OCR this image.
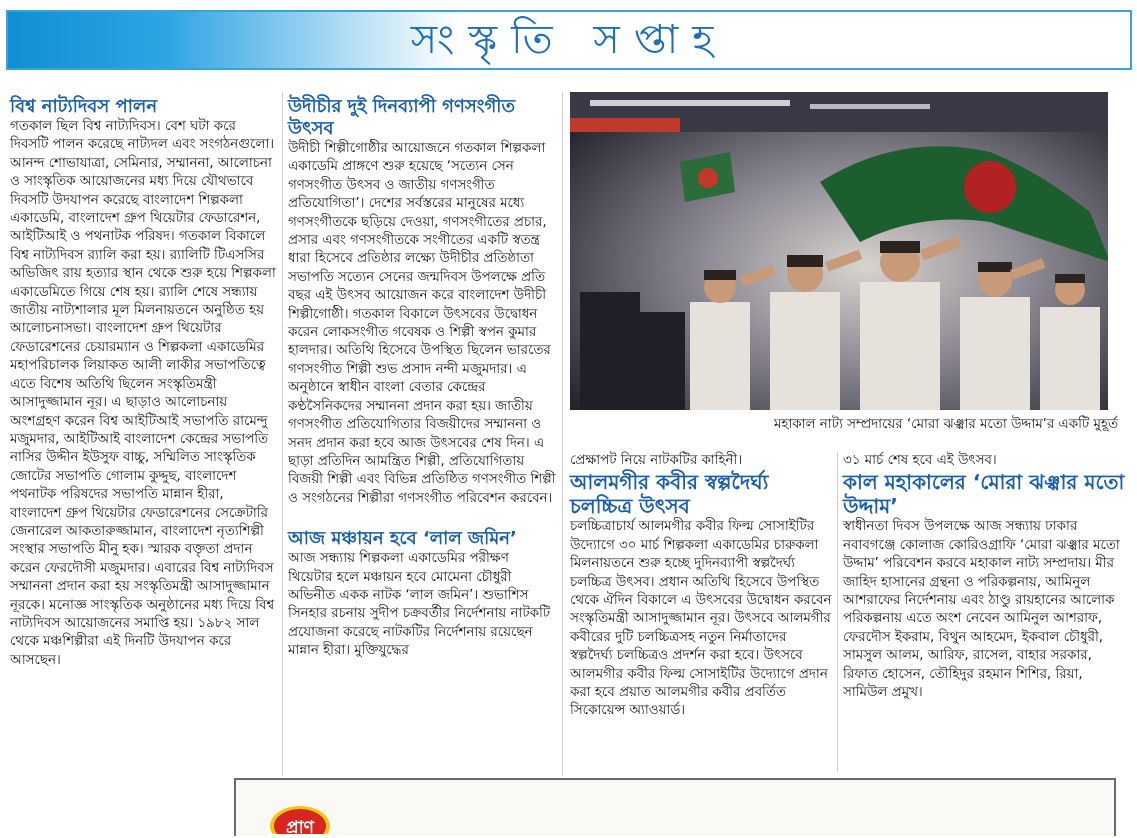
সংস্কৃতি সপ্তাহ
বিশ্ব নাট্যদিবস পালন

গতকাল ছিল বিশ্ব নাট্যদিবস। বেশ ঘটা করে দিবসটি পালন করেছে নাট্যদল এবং সংগঠনগুলো। আনন্দ শোভাযাত্রা, সেমিনার, সম্মাননা, আলোচনা ও সাংস্কৃতিক আয়োজনের মধ্য দিয়ে যৌথভাবে দিবসটি উদযাপন করেছে বাংলাদেশ শিল্পকলা একাডেমি, বাংলাদেশ গ্রুপ থিয়েটার ফেডারেশন, আইটিআই ও পথনাটক পরিষদ। গতকাল বিকালে বিশ্ব নাট্যদিবস র‍্যালি করা হয়। র‍্যালিটি টিএসসির অভিজিৎ রায় হত্যার স্থান থেকে শুরু হয়ে শিল্পকলা একাডেমিতে গিয়ে শেষ হয়। র‍্যালি শেষে সন্ধ্যায় জাতীয় নাট্যশালার মূল মিলনায়তনে অনুষ্ঠিত হয় আলোচনাসভা। বাংলাদেশ গ্রুপ থিয়েটার ফেডারেশনের চেয়ারম্যান ও শিল্পকলা একাডেমির মহাপরিচালক লিয়াকত আলী লাকীর সভাপতিত্বে এতে বিশেষ অতিথি ছিলেন সংস্কৃতিমন্ত্রী আসাদুজ্জামান নূর। এ ছাড়াও আলোচনায় অংশগ্রহণ করেন বিশ্ব আইটিআই সভাপতি রামেন্দু মজুমদার, আইটিআই বাংলাদেশ কেন্দ্রের সভাপতি নাসির উদ্দীন ইউসুফ বাচ্চু, সম্মিলিত সাংস্কৃতিক জোটের সভাপতি গোলাম কুদ্দুছ, বাংলাদেশ পথনাটক পরিষদের সভাপতি মান্নান হীরা, বাংলাদেশ গ্রুপ থিয়েটার ফেডারেশনের সেক্রেটারি জেনারেল আকতারুজ্জামান, বাংলাদেশ নৃত্যশিল্পী সংস্থার সভাপতি মীনু হক। স্মারক বক্তৃতা প্রদান করেন ফেরদৌসী মজুমদার। এবারের বিশ্ব নাট্যদিবস সম্মাননা প্রদান করা হয় সংস্কৃতিমন্ত্রী আসাদুজ্জামান নূরকে। মনোজ্ঞ সাংস্কৃতিক অনুষ্ঠানের মধ্য দিয়ে বিশ্ব নাট্যদিবস আয়োজনের সমাপ্তি হয়। ১৯৮২ সাল থেকে মঞ্চশিল্পীরা এই দিনটি উদযাপন করে আসছেন।

উদীচীর দুই দিনব্যাপী গণসংগীত উৎসব

উদীচী শিল্পীগোষ্ঠীর আয়োজনে গতকাল শিল্পকলা একাডেমি প্রাঙ্গণে শুরু হয়েছে ‘সত্যেন সেন গণসংগীত উৎসব ও জাতীয় গণসংগীত প্রতিযোগিতা’। দেশের সর্বস্তরের মানুষের মধ্যে গণসংগীতকে ছড়িয়ে দেওয়া, গণসংগীতের প্রচার, প্রসার এবং গণসংগীতকে সংগীতের একটি স্বতন্ত্র ধারা হিসেবে প্রতিষ্ঠার লক্ষ্যে উদীচীর প্রতিষ্ঠাতা সভাপতি সত্যেন সেনের জন্মদিবস উপলক্ষে প্রতি বছর এই উৎসব আয়োজন করে বাংলাদেশ উদীচী শিল্পীগোষ্ঠী। গতকাল বিকালে উৎসবের উদ্বোধন করেন লোকসংগীত গবেষক ও শিল্পী স্বপন কুমার হালদার। অতিথি হিসেবে উপস্থিত ছিলেন ভারতের গণসংগীত শিল্পী শুভ প্রসাদ নন্দী মজুমদার। এ অনুষ্ঠানে স্বাধীন বাংলা বেতার কেন্দ্রের কণ্ঠসৈনিকদের সম্মাননা প্রদান করা হয়। জাতীয় গণসংগীত প্রতিযোগিতার বিজয়ীদের সম্মাননা ও সনদ প্রদান করা হবে আজ উৎসবের শেষ দিন। এ ছাড়া প্রতিদিন আমন্ত্রিত শিল্পী, প্রতিযোগিতায় বিজয়ী শিল্পী এবং বিভিন্ন প্রতিষ্ঠিত গণসংগীত শিল্পী ও সংগঠনের শিল্পীরা গণসংগীত পরিবেশন করবেন।

আজ মঞ্চায়ন হবে ‘লাল জমিন’

আজ সন্ধ্যায় শিল্পকলা একাডেমির পরীক্ষণ থিয়েটার হলে মঞ্চায়ন হবে মোমেনা চৌধুরী অভিনীত একক নাটক ‘লাল জমিন’। শুভাশিস সিনহার রচনায় সুদীপ চক্রবর্তীর নির্দেশনায় নাটকটি প্রযোজনা করেছে নাটকটির নির্দেশনায় রয়েছেন মান্নান হীরা। মুক্তিযুদ্ধের

মহাকাল নাট্য সম্প্রদায়ের ‘মোরা ঝঞ্ঝার মতো উদ্দাম’র একটি মুহূর্ত

প্রেক্ষাপট নিয়ে নাটকটির কাহিনী।

আলমগীর কবীর স্বল্পদৈর্ঘ্য চলচ্চিত্র উৎসব

চলচ্চিত্রাচার্য আলমগীর কবীর ফিল্ম সোসাইটির উদ্যোগে ৩০ মার্চ শিল্পকলা একাডেমির চারুকলা মিলনায়তনে শুরু হচ্ছে দুদিনব্যাপী স্বল্পদৈর্ঘ্য চলচ্চিত্র উৎসব। প্রধান অতিথি হিসেবে উপস্থিত থেকে ঐদিন বিকালে এ উৎসবের উদ্বোধন করবেন সংস্কৃতিমন্ত্রী আসাদুজ্জামান নূর। উৎসবে আলমগীর কবীরের দুটি চলচ্চিত্রসহ নতুন নির্মাতাদের স্বল্পদৈর্ঘ্য চলচ্চিত্রও প্রদর্শন করা হবে। উৎসবে আলমগীর কবীর ফিল্ম সোসাইটির উদ্যোগে প্রদান করা হবে প্রয়াত আলমগীর কবীর প্রবর্তিত সিকোয়েন্স অ্যাওয়ার্ড।

৩১ মার্চ শেষ হবে এই উৎসব।

কাল মহাকালের ‘মোরা ঝঞ্ঝার মতো উদ্দাম’

স্বাধীনতা দিবস উপলক্ষে আজ সন্ধ্যায় ঢাকার নবাবগঞ্জে কোলাজ কোরিওগ্রাফি ‘মোরা ঝঞ্ঝার মতো উদ্দাম’ পরিবেশন করবে মহাকাল নাট্য সম্প্রদায়। মীর জাহিদ হাসানের গ্রন্থনা ও পরিকল্পনায়, আমিনুল আশরাফের নির্দেশনায় এবং ঠাণ্ডু রায়হানের আলোক পরিকল্পনায় এতে অংশ নেবেন আমিনুল আশরাফ, ফেরদৌস ইকরাম, বিথুন আহমেদ, ইকবাল চৌধুরী, সামসুল আলম, আরিফ, রাসেল, বাহার সরকার, রিফাত হোসেন, তৌহিদুর রহমান শিশির, রিয়া, সামিউল প্রমুখ।

প্রাণ
